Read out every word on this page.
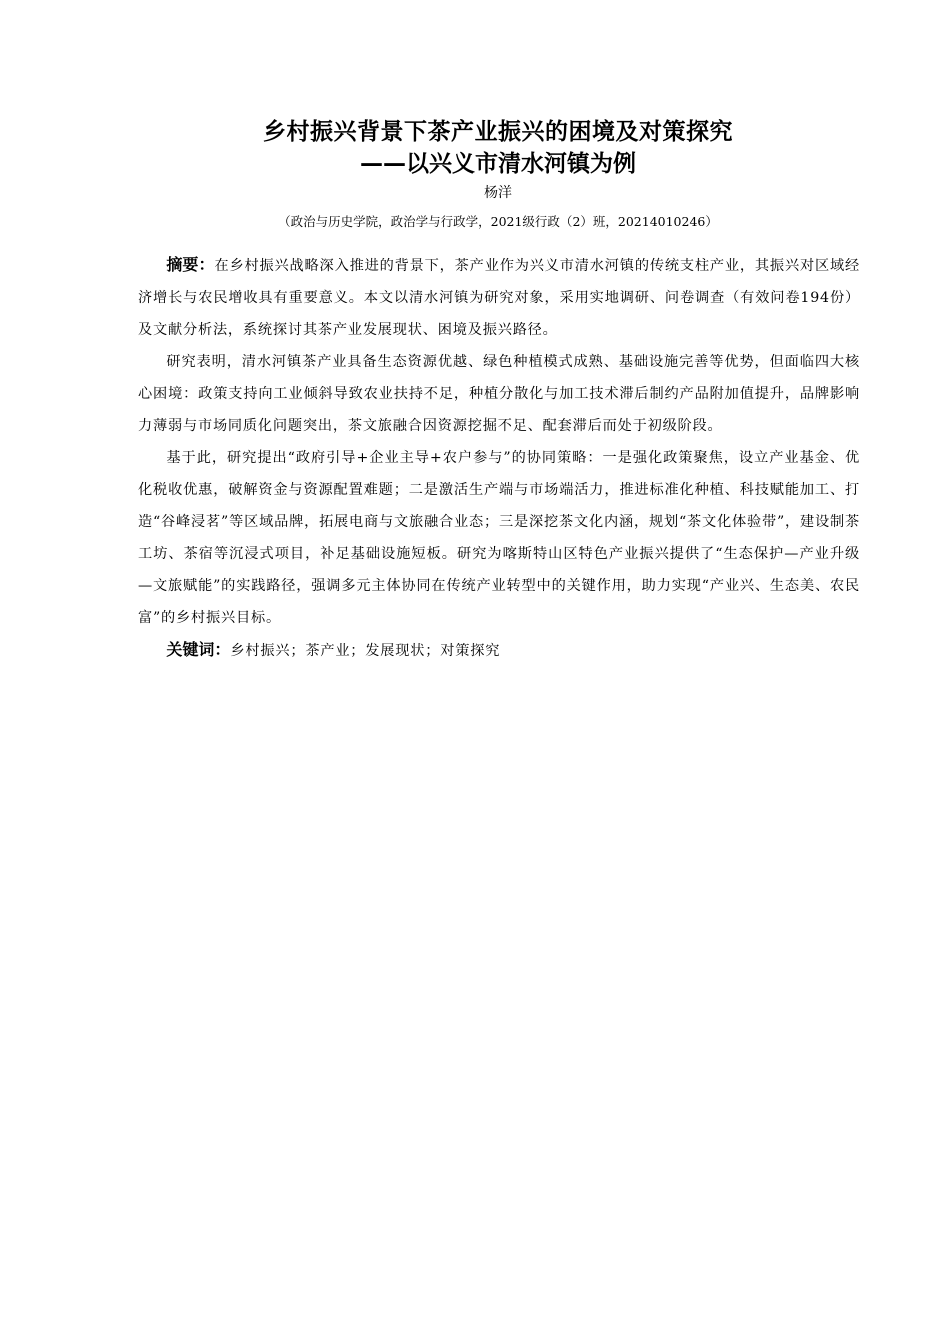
乡村振兴背景下茶产业振兴的困境及对策探究
——以兴义市清水河镇为例
杨洋
（政治与历史学院，政治学与行政学，2021级行政（2）班，20214010246）

摘要：在乡村振兴战略深入推进的背景下，茶产业作为兴义市清水河镇的传统支柱产业，其振兴对区域经济增长与农民增收具有重要意义。本文以清水河镇为研究对象，采用实地调研、问卷调查（有效问卷194份）及文献分析法，系统探讨其茶产业发展现状、困境及振兴路径。

研究表明，清水河镇茶产业具备生态资源优越、绿色种植模式成熟、基础设施完善等优势，但面临四大核心困境：政策支持向工业倾斜导致农业扶持不足，种植分散化与加工技术滞后制约产品附加值提升，品牌影响力薄弱与市场同质化问题突出，茶文旅融合因资源挖掘不足、配套滞后而处于初级阶段。

基于此，研究提出“政府引导+企业主导+农户参与”的协同策略：一是强化政策聚焦，设立产业基金、优化税收优惠，破解资金与资源配置难题；二是激活生产端与市场端活力，推进标准化种植、科技赋能加工、打造“谷峰浸茗”等区域品牌，拓展电商与文旅融合业态；三是深挖茶文化内涵，规划“茶文化体验带”，建设制茶工坊、茶宿等沉浸式项目，补足基础设施短板。研究为喀斯特山区特色产业振兴提供了“生态保护—产业升级—文旅赋能”的实践路径，强调多元主体协同在传统产业转型中的关键作用，助力实现“产业兴、生态美、农民富”的乡村振兴目标。

关键词：乡村振兴；茶产业；发展现状；对策探究
